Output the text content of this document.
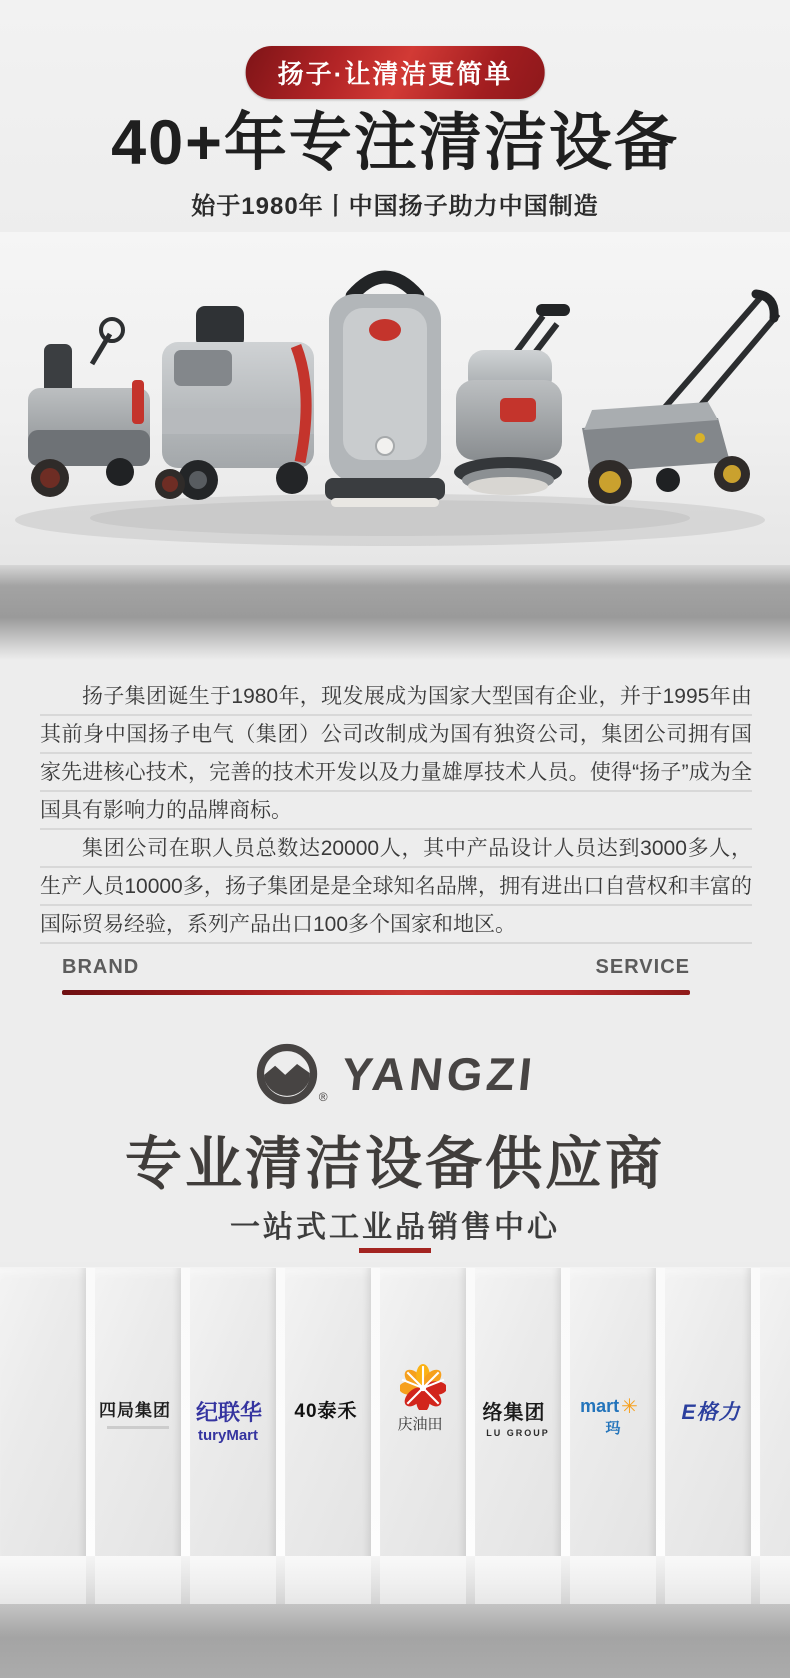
扬子·让清洁更简单
40+年专注清洁设备
始于1980年丨中国扬子助力中国制造

扬子集团诞生于1980年，现发展成为国家大型国有企业，并于1995年由其前身中国扬子电气（集团）公司改制成为国有独资公司，集团公司拥有国家先进核心技术，完善的技术开发以及力量雄厚技术人员。使得“扬子”成为全国具有影响力的品牌商标。

集团公司在职人员总数达20000人，其中产品设计人员达到3000多人，生产人员10000多，扬子集团是是全球知名品牌，拥有进出口自营权和丰富的国际贸易经验，系列产品出口100多个国家和地区。

BRAND	SERVICE
® YANGZI
专业清洁设备供应商
一站式工业品销售中心
四局集团	纪联华
turyMart
40泰禾
庆油田
络集团
LU GROUP
mart ✳
玛
E格力
